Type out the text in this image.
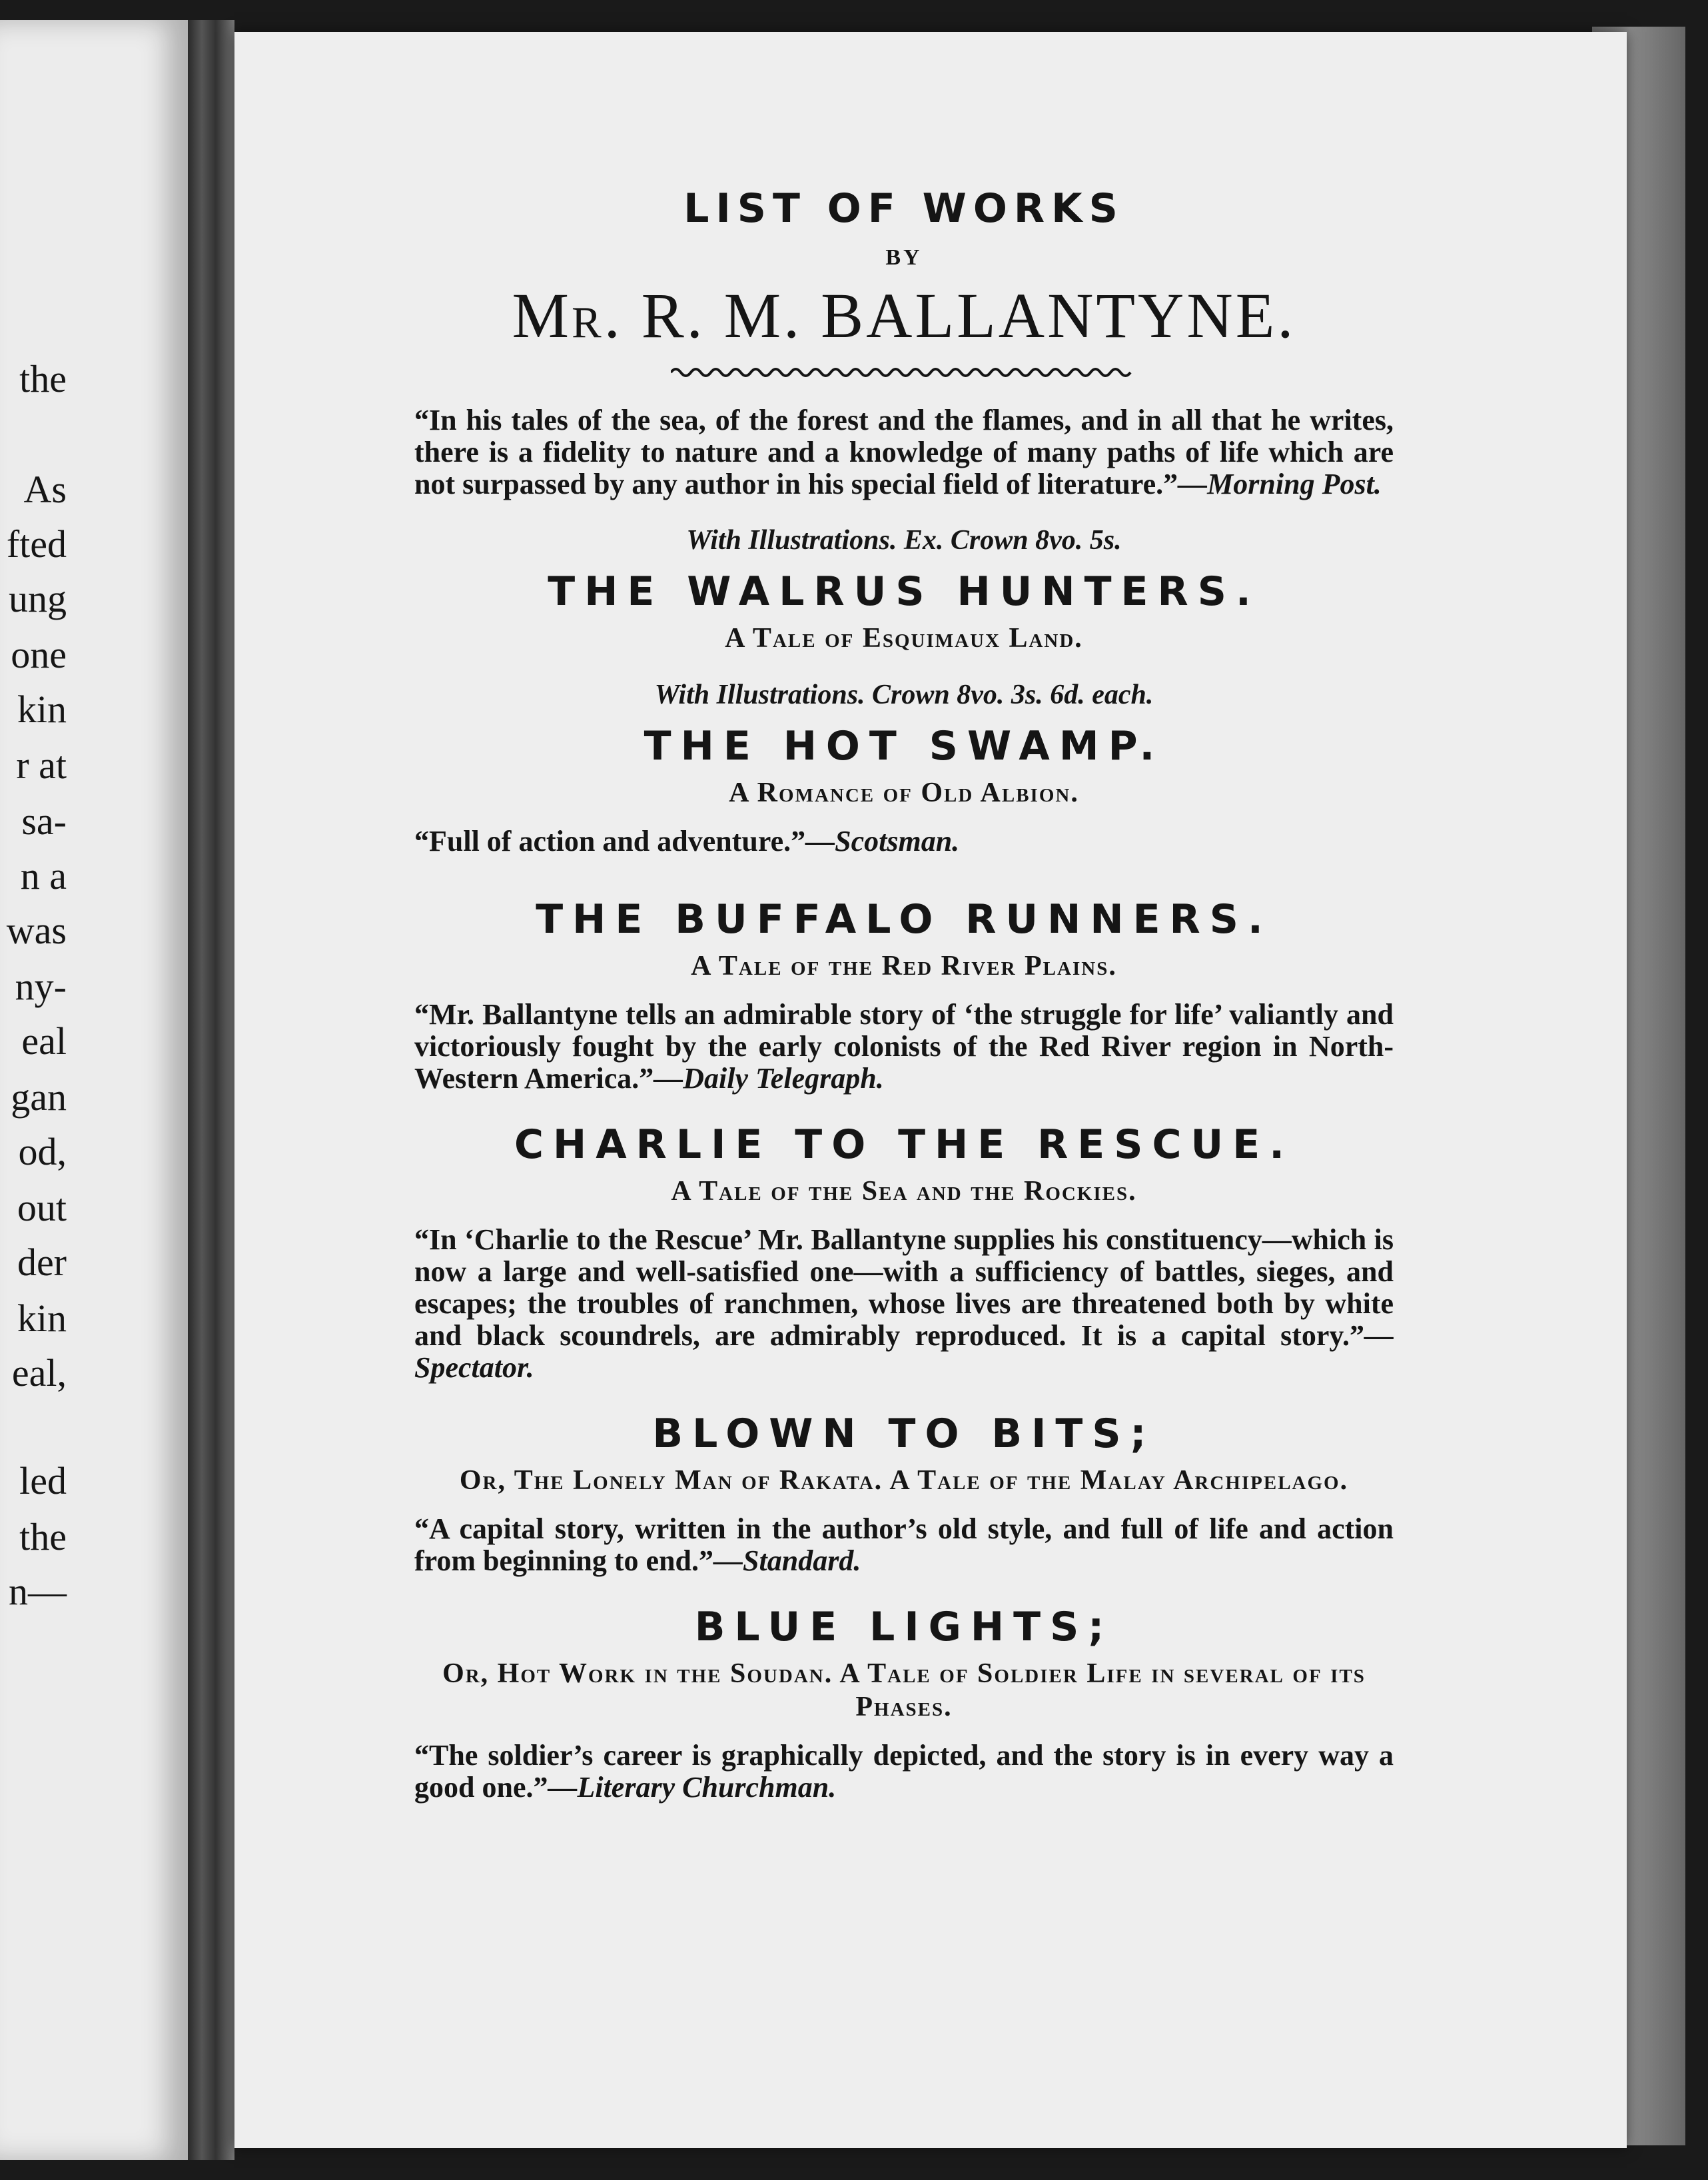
the
As
fted
ung
one
kin
r at
sa-
n a
was
ny-
eal
gan
od,
out
der
kin
eal,
led
the
n—
LIST OF WORKS
BY
Mr. R. M. BALLANTYNE.

“In his tales of the sea, of the forest and the flames, and in all that he writes, there is a fidelity to nature and a knowledge of many paths of life which are not surpassed by any author in his special field of literature.”—Morning Post.

With Illustrations. Ex. Crown 8vo. 5s.
THE WALRUS HUNTERS.
A Tale of Esquimaux Land.
With Illustrations. Crown 8vo. 3s. 6d. each.
THE HOT SWAMP.
A Romance of Old Albion.

“Full of action and adventure.”—Scotsman.

THE BUFFALO RUNNERS.
A Tale of the Red River Plains.

“Mr. Ballantyne tells an admirable story of ‘the struggle for life’ valiantly and victoriously fought by the early colonists of the Red River region in North-Western America.”—Daily Telegraph.

CHARLIE TO THE RESCUE.
A Tale of the Sea and the Rockies.

“In ‘Charlie to the Rescue’ Mr. Ballantyne supplies his constituency—which is now a large and well-satisfied one—with a sufficiency of battles, sieges, and escapes; the troubles of ranchmen, whose lives are threatened both by white and black scoundrels, are admirably reproduced. It is a capital story.”—Spectator.

BLOWN TO BITS;
Or, The Lonely Man of Rakata. A Tale of the Malay Archipelago.

“A capital story, written in the author’s old style, and full of life and action from beginning to end.”—Standard.

BLUE LIGHTS;
Or, Hot Work in the Soudan. A Tale of Soldier Life in several of its Phases.

“The soldier’s career is graphically depicted, and the story is in every way a good one.”—Literary Churchman.
